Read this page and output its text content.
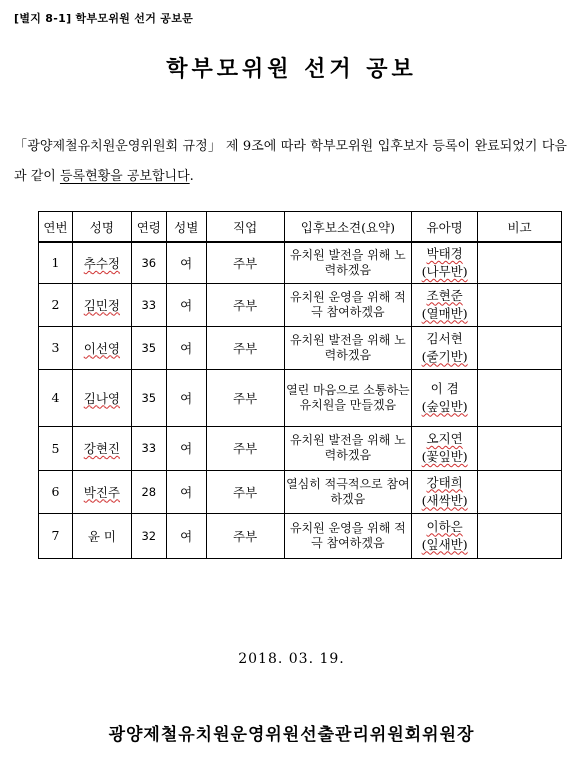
[별지 8-1] 학부모위원 선거 공보문
학부모위원 선거 공보
「광양제철유치원운영위원회 규정」 제 9조에 따라 학부모위원 입후보자 등록이 완료되었기 다음과 같이 등록현황을 공보합니다.
연번	성명	연령	성별	직업	입후보소견(요약)	유아명	비고
1	추수정	36	여	주부	유치원 발전을 위해 노력하겠음	박태경
(나무반)	
2	김민정	33	여	주부	유치원 운영을 위해 적극 참여하겠음	조현준
(열매반)	
3	이선영	35	여	주부	유치원 발전을 위해 노력하겠음	김서현
(줄기반)	
4	김나영	35	여	주부	열린 마음으로 소통하는 유치원을 만들겠음	이 겸
(숲잎반)	
5	강현진	33	여	주부	유치원 발전을 위해 노력하겠음	오지연
(꽃잎반)	
6	박진주	28	여	주부	열심히 적극적으로 참여하겠음	강태희
(새싹반)	
7	윤 미	32	여	주부	유치원 운영을 위해 적극 참여하겠음	이하은
(잎새반)	
2018. 03. 19.
광양제철유치원운영위원선출관리위원회위원장
